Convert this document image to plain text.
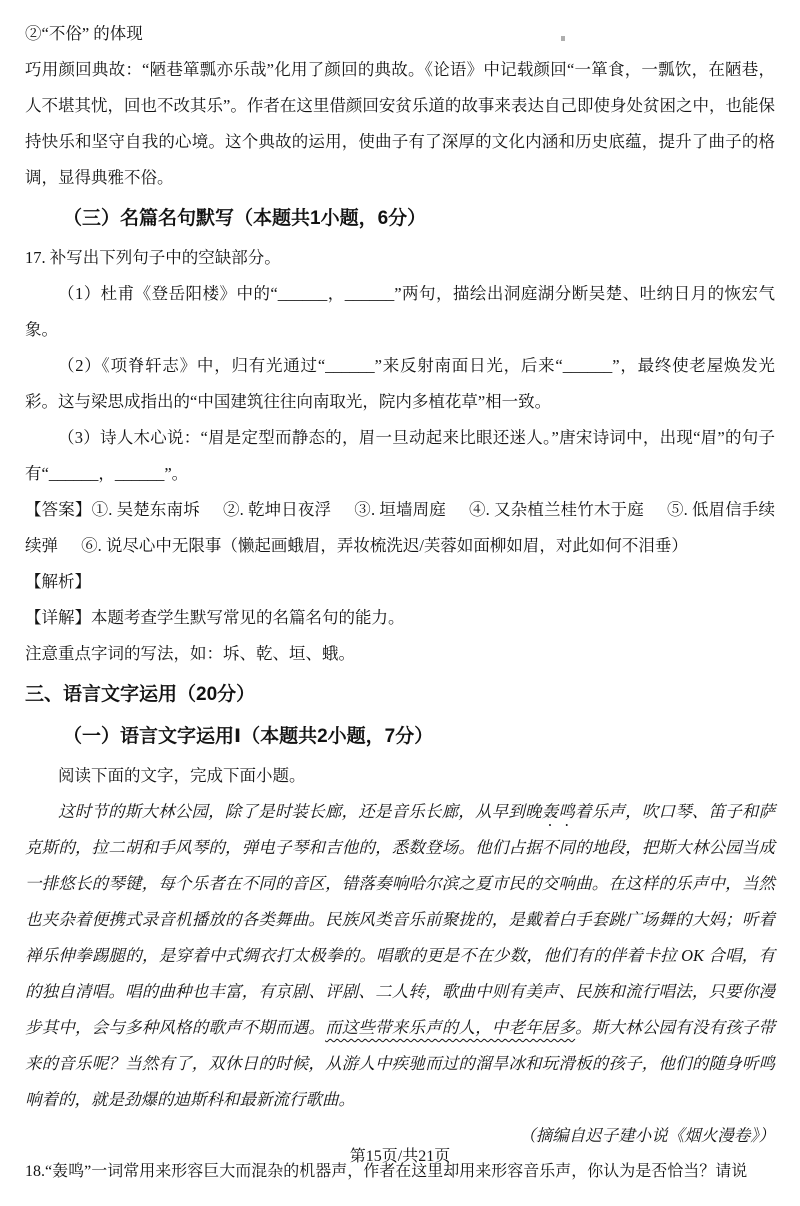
②“不俗” 的体现

巧用颜回典故：“陋巷箪瓢亦乐哉”化用了颜回的典故。《论语》中记载颜回“一箪食，一瓢饮，在陋巷，人不堪其忧，回也不改其乐”。作者在这里借颜回安贫乐道的故事来表达自己即使身处贫困之中，也能保持快乐和坚守自我的心境。这个典故的运用，使曲子有了深厚的文化内涵和历史底蕴，提升了曲子的格调，显得典雅不俗。

（三）名篇名句默写（本题共1小题，6分）

17. 补写出下列句子中的空缺部分。

（1）杜甫《登岳阳楼》中的“______，______”两句，描绘出洞庭湖分断吴楚、吐纳日月的恢宏气象。

（2）《项脊轩志》中，归有光通过“______”来反射南面日光，后来“______”，最终使老屋焕发光彩。这与梁思成指出的“中国建筑往往向南取光，院内多植花草”相一致。

（3）诗人木心说：“眉是定型而静态的，眉一旦动起来比眼还迷人。”唐宋诗词中，出现“眉”的句子有“______，______”。

【答案】①. 吴楚东南坼 ②. 乾坤日夜浮 ③. 垣墙周庭 ④. 又杂植兰桂竹木于庭 ⑤. 低眉信手续续弹 ⑥. 说尽心中无限事（懒起画蛾眉，弄妆梳洗迟/芙蓉如面柳如眉，对此如何不泪垂）

【解析】

【详解】本题考查学生默写常见的名篇名句的能力。

注意重点字词的写法，如：坼、乾、垣、蛾。

三、语言文字运用（20分）

（一）语言文字运用Ⅰ（本题共2小题，7分）

阅读下面的文字，完成下面小题。

这时节的斯大林公园，除了是时装长廊，还是音乐长廊，从早到晚轰鸣着乐声，吹口琴、笛子和萨克斯的，拉二胡和手风琴的，弹电子琴和吉他的，悉数登场。他们占据不同的地段，把斯大林公园当成一排悠长的琴键，每个乐者在不同的音区，错落奏响哈尔滨之夏市民的交响曲。在这样的乐声中，当然也夹杂着便携式录音机播放的各类舞曲。民族风类音乐前聚拢的，是戴着白手套跳广场舞的大妈；听着禅乐伸拳踢腿的，是穿着中式绸衣打太极拳的。唱歌的更是不在少数，他们有的伴着卡拉 OK 合唱，有的独自清唱。唱的曲种也丰富，有京剧、评剧、二人转，歌曲中则有美声、民族和流行唱法，只要你漫步其中，会与多种风格的歌声不期而遇。而这些带来乐声的人，中老年居多。斯大林公园有没有孩子带来的音乐呢？当然有了，双休日的时候，从游人中疾驰而过的溜旱冰和玩滑板的孩子，他们的随身听鸣响着的，就是劲爆的迪斯科和最新流行歌曲。

（摘编自迟子建小说《烟火漫卷》）

18.“轰鸣”一词常用来形容巨大而混杂的机器声，作者在这里却用来形容音乐声，你认为是否恰当？请说

第15页/共21页
